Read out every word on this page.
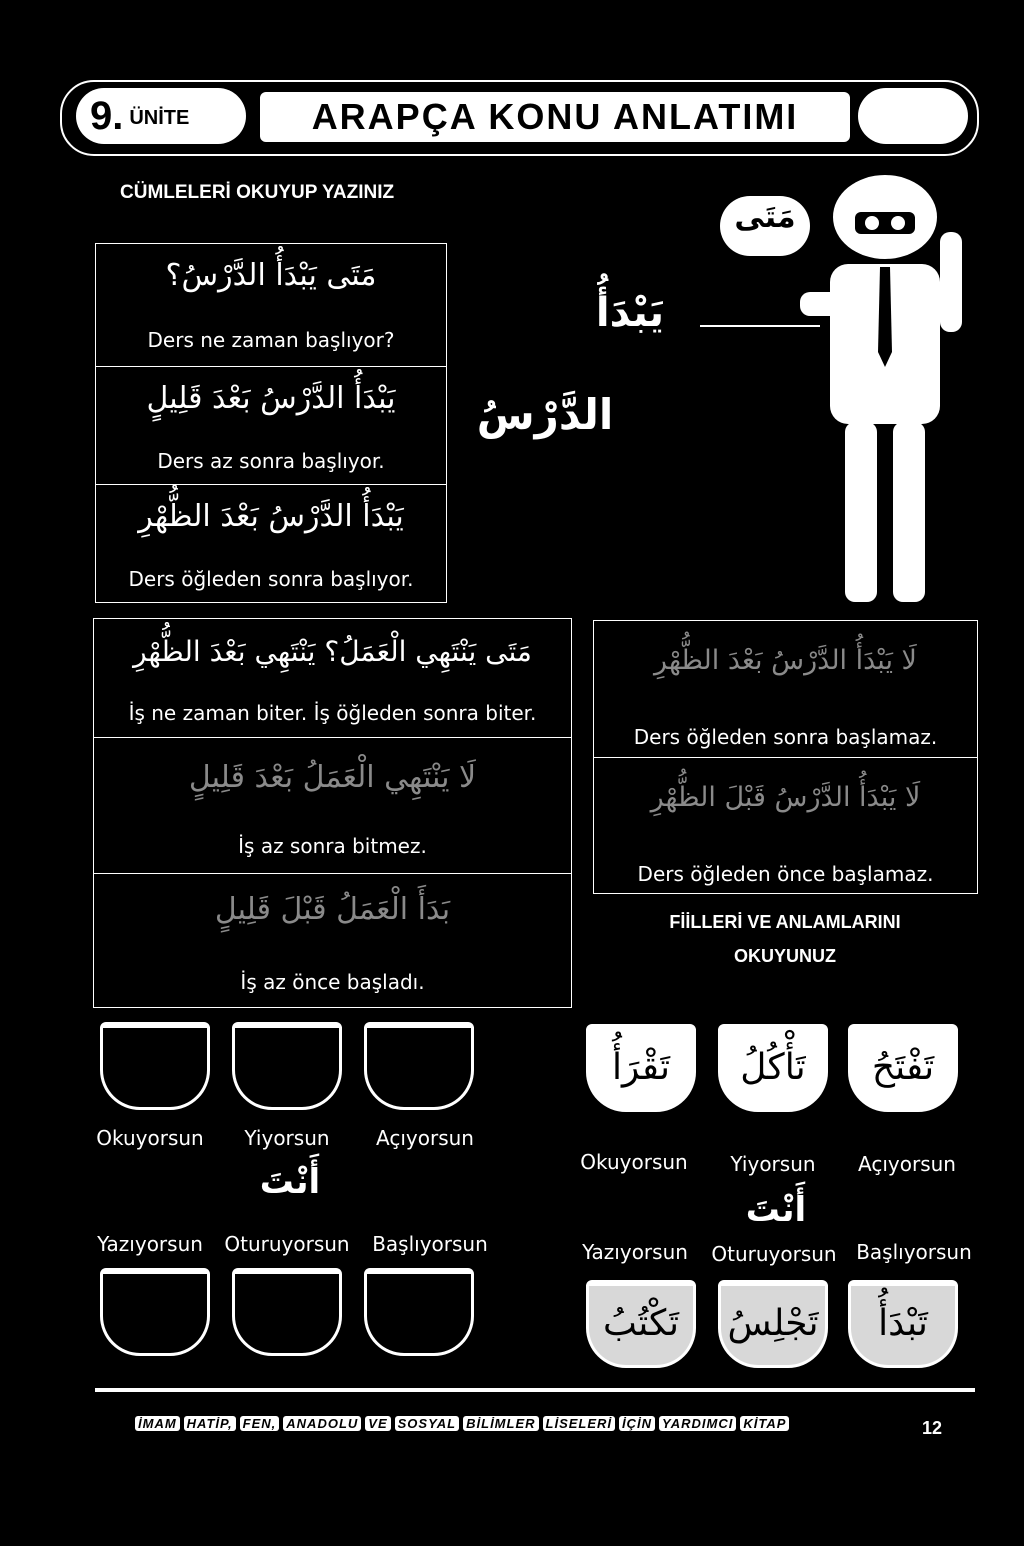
9. ÜNİTE	ARAPÇA KONU ANLATIMI
CÜMLELERİ OKUYUP YAZINIZ
مَتَى يَبْدَأُ الدَّرْسُ؟
Ders ne zaman başlıyor?
يَبْدَأُ الدَّرْسُ بَعْدَ قَلِيلٍ
Ders az sonra başlıyor.
يَبْدَأُ الدَّرْسُ بَعْدَ الظُّهْرِ
Ders öğleden sonra başlıyor.
مَتَى
يَبْدَأُ
الدَّرْسُ
مَتَى يَنْتَهِي الْعَمَلُ؟ يَنْتَهِي بَعْدَ الظُّهْرِ
İş ne zaman biter. İş öğleden sonra biter.
لَا يَنْتَهِي الْعَمَلُ بَعْدَ قَلِيلٍ
İş az sonra bitmez.
بَدَأَ الْعَمَلُ قَبْلَ قَلِيلٍ
İş az önce başladı.
لَا يَبْدَأُ الدَّرْسُ بَعْدَ الظُّهْرِ
Ders öğleden sonra başlamaz.
لَا يَبْدَأُ الدَّرْسُ قَبْلَ الظُّهْرِ
Ders öğleden önce başlamaz.
FİİLLERİ VE ANLAMLARINI
OKUYUNUZ
Okuyorsun	Yiyorsun	Açıyorsun
أَنْتَ
Yazıyorsun	Oturuyorsun	Başlıyorsun
تَقْرَأُ	تَأْكُلُ	تَفْتَحُ
Okuyorsun	Yiyorsun	Açıyorsun
أَنْتَ
Yazıyorsun	Oturuyorsun Başlıyorsun
تَكْتُبُ	تَجْلِسُ	تَبْدَأُ
İMAM HATİP, FEN, ANADOLU VE SOSYAL BİLİMLER LİSELERİ İÇİN YARDIMCI KİTAP	12
